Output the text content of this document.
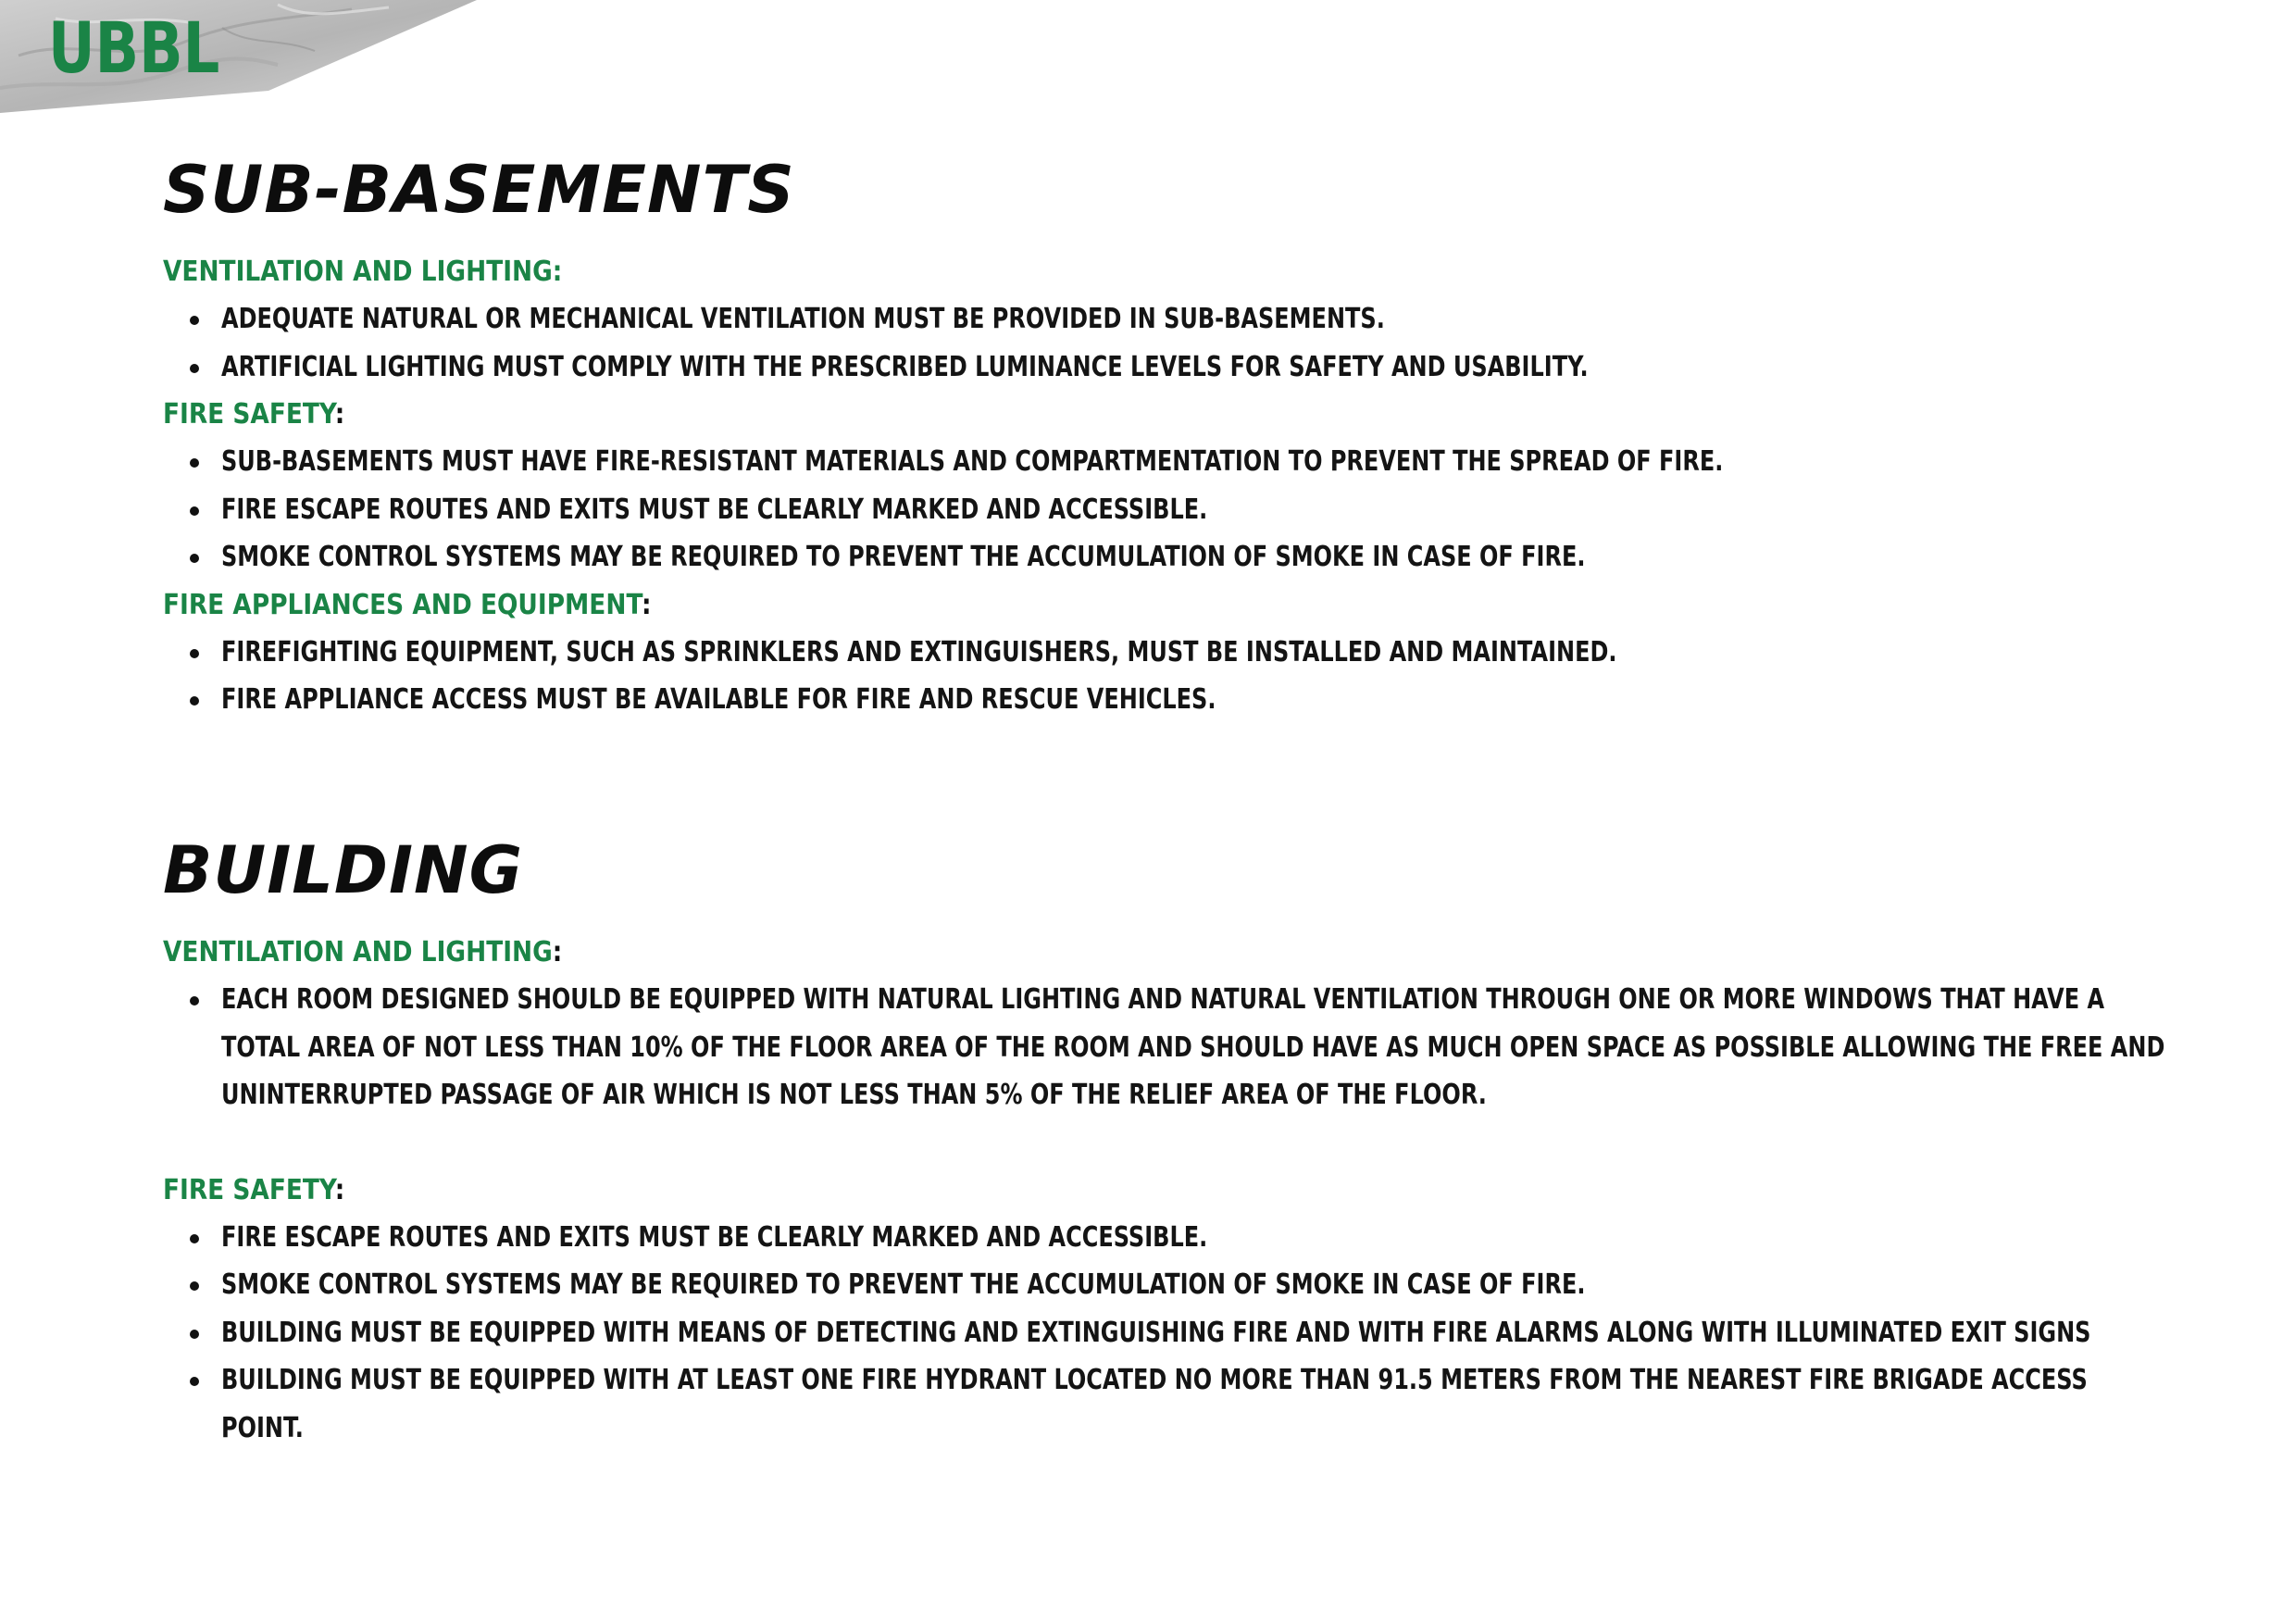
UBBL
SUB-BASEMENTS
VENTILATION AND LIGHTING:
ADEQUATE NATURAL OR MECHANICAL VENTILATION MUST BE PROVIDED IN SUB-BASEMENTS.
ARTIFICIAL LIGHTING MUST COMPLY WITH THE PRESCRIBED LUMINANCE LEVELS FOR SAFETY AND USABILITY.
FIRE SAFETY:
SUB-BASEMENTS MUST HAVE FIRE-RESISTANT MATERIALS AND COMPARTMENTATION TO PREVENT THE SPREAD OF FIRE.
FIRE ESCAPE ROUTES AND EXITS MUST BE CLEARLY MARKED AND ACCESSIBLE.
SMOKE CONTROL SYSTEMS MAY BE REQUIRED TO PREVENT THE ACCUMULATION OF SMOKE IN CASE OF FIRE.
FIRE APPLIANCES AND EQUIPMENT:
FIREFIGHTING EQUIPMENT, SUCH AS SPRINKLERS AND EXTINGUISHERS, MUST BE INSTALLED AND MAINTAINED.
FIRE APPLIANCE ACCESS MUST BE AVAILABLE FOR FIRE AND RESCUE VEHICLES.
BUILDING
VENTILATION AND LIGHTING:
EACH ROOM DESIGNED SHOULD BE EQUIPPED WITH NATURAL LIGHTING AND NATURAL VENTILATION THROUGH ONE OR MORE WINDOWS THAT HAVE A TOTAL AREA OF NOT LESS THAN 10% OF THE FLOOR AREA OF THE ROOM AND SHOULD HAVE AS MUCH OPEN SPACE AS POSSIBLE ALLOWING THE FREE AND UNINTERRUPTED PASSAGE OF AIR WHICH IS NOT LESS THAN 5% OF THE RELIEF AREA OF THE FLOOR.
FIRE SAFETY:
FIRE ESCAPE ROUTES AND EXITS MUST BE CLEARLY MARKED AND ACCESSIBLE.
SMOKE CONTROL SYSTEMS MAY BE REQUIRED TO PREVENT THE ACCUMULATION OF SMOKE IN CASE OF FIRE.
BUILDING MUST BE EQUIPPED WITH MEANS OF DETECTING AND EXTINGUISHING FIRE AND WITH FIRE ALARMS ALONG WITH ILLUMINATED EXIT SIGNS
BUILDING MUST BE EQUIPPED WITH AT LEAST ONE FIRE HYDRANT LOCATED NO MORE THAN 91.5 METERS FROM THE NEAREST FIRE BRIGADE ACCESS POINT.
